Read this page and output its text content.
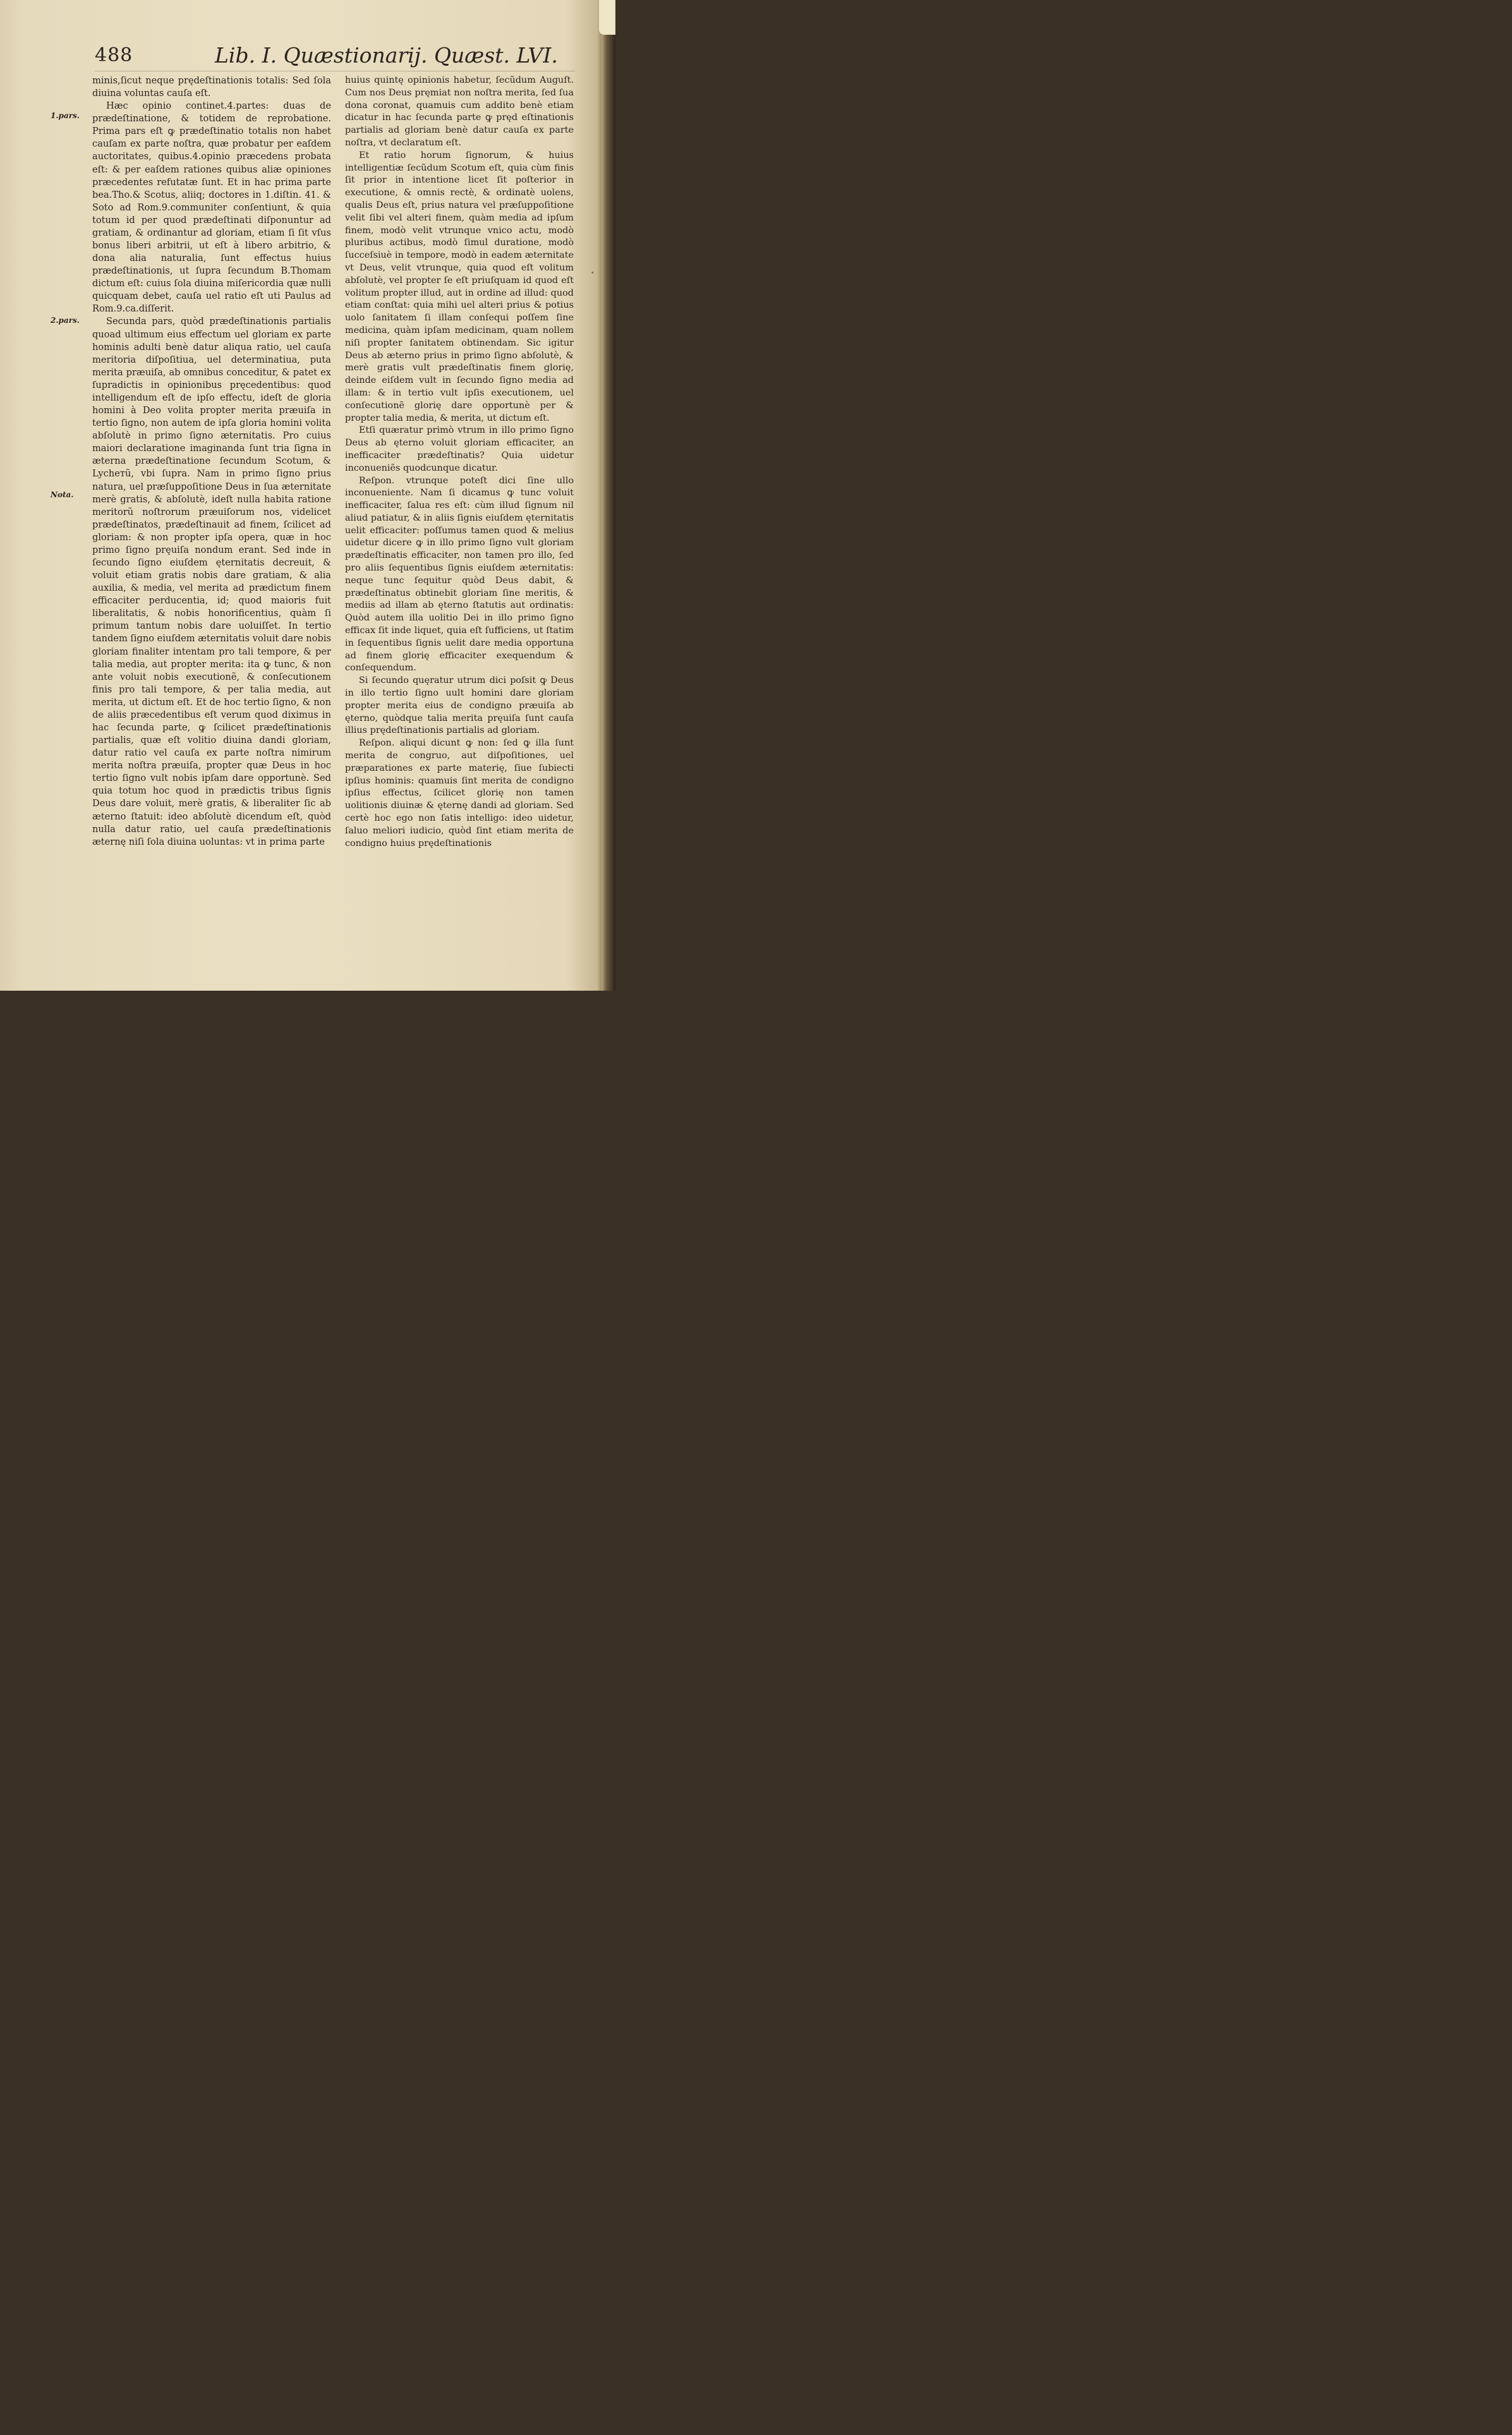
488	Lib. I. Quæstionarij. Quæst. LVI.
1.pars.
2.pars.
Nota.

minis,ſicut neque prędeſtinationis totalis: Sed ſola diuina voluntas cauſa eſt.

Hæc opinio continet.4.partes: duas de prædeſtinatione, & totidem de reprobatione. Prima pars eſt ꝙ prædeſtinatio totalis non habet cauſam ex parte noſtra, quæ probatur per eaſdem auctoritates, quibus.4.opinio præcedens probata eſt: & per eaſdem rationes quibus aliæ opiniones præcedentes refutatæ ſunt. Et in hac prima parte bea.Tho.& Scotus, aliiq; doctores in 1.diſtin. 41. & Soto ad Rom.9.communiter conſentiunt, & quia totum id per quod prædeſtinati diſponuntur ad gratiam, & ordinantur ad gloriam, etiam ſi ſit vſus bonus liberi arbitrii, ut eſt à libero arbitrio, & dona alia naturalia, ſunt effectus huius prædeſtinationis, ut ſupra ſecundum B.Thomam dictum eſt: cuius ſola diuina miſericordia quæ nulli quicquam debet, cauſa uel ratio eſt uti Paulus ad Rom.9.ca.diſſerit.

Secunda pars, quòd prædeſtinationis partialis quoad ultimum eius effectum uel gloriam ex parte hominis adulti benè datur aliqua ratio, uel cauſa meritoria diſpoſitiua, uel determinatiua, puta merita præuiſa, ab omnibus conceditur, & patet ex ſupradictis in opinionibus pręcedentibus: quod intelligendum eſt de ipſo effectu, ideſt de gloria homini à Deo volita propter merita præuiſa in tertio ſigno, non autem de ipſa gloria homini volita abſolutè in primo ſigno æternitatis. Pro cuius maiori declaratione imaginanda ſunt tria ſigna in æterna prædeſtinatione ſecundum Scotum, & Lycheтũ, vbi ſupra. Nam in primo ſigno prius natura, uel præſuppoſitione Deus in ſua æternitate merè gratis, & abſolutè, ideſt nulla habita ratione meritorũ noſtrorum præuiſorum nos, videlicet prædeſtinatos, prædeſtinauit ad finem, ſcilicet ad gloriam: & non propter ipſa opera, quæ in hoc primo ſigno pręuiſa nondum erant. Sed inde in ſecundo ſigno eiuſdem ęternitatis decreuit, & voluit etiam gratis nobis dare gratiam, & alia auxilia, & media, vel merita ad prædictum finem efficaciter perducentia, id; quod maioris fuit liberalitatis, & nobis honorificentius, quàm ſi primum tantum nobis dare uoluiſſet. In tertio tandem ſigno eiuſdem æternitatis voluit dare nobis gloriam finaliter intentam pro tali tempore, & per talia media, aut propter merita: ita ꝙ tunc, & non ante voluit nobis executionẽ, & conſecutionem finis pro tali tempore, & per talia media, aut merita, ut dictum eſt. Et de hoc tertio ſigno, & non de aliis præcedentibus eſt verum quod diximus in hac ſecunda parte, ꝙ ſcilicet prædeſtinationis partialis, quæ eſt volitio diuina dandi gloriam, datur ratio vel cauſa ex parte noſtra nimirum merita noſtra præuiſa, propter quæ Deus in hoc tertio ſigno vult nobis ipſam dare opportunè. Sed quia totum hoc quod in prædictis tribus ſignis Deus dare voluit, merè gratis, & liberaliter ſic ab æterno ſtatuit: ideo abſolutè dicendum eſt, quòd nulla datur ratio, uel cauſa prædeſtinationis æternę niſi ſola diuina uoluntas: vt in prima parte

huius quintę opinionis habetur, ſecũdum Auguſt. Cum nos Deus pręmiat non noſtra merita, ſed ſua dona coronat, quamuis cum addito benè etiam dicatur in hac ſecunda parte ꝙ pręd eſtinationis partialis ad gloriam benè datur cauſa ex parte noſtra, vt declaratum eſt.

Et ratio horum ſignorum, & huius intelligentiæ ſecũdum Scotum eſt, quia cùm finis ſit prior in intentione licet ſit poſterior in executione, & omnis rectè, & ordinatè uolens, qualis Deus eſt, prius natura vel præſuppoſitione velit ſibi vel alteri finem, quàm media ad ipſum finem, modò velit vtrunque vnico actu, modò pluribus actibus, modò ſimul duratione, modò ſucceſsiuè in tempore, modò in eadem æternitate vt Deus, velit vtrunque, quia quod eſt volitum abſolutè, vel propter ſe eſt priuſquam id quod eſt volitum propter illud, aut in ordine ad illud: quod etiam conſtat: quia mihi uel alteri prius & potius uolo ſanitatem ſi illam conſequi poſſem ſine medicina, quàm ipſam medicinam, quam nollem niſi propter ſanitatem obtinendam. Sic igitur Deus ab æterno prius in primo ſigno abſolutè, & merè gratis vult prædeſtinatis finem glorię, deinde eiſdem vult in ſecundo ſigno media ad illam: & in tertio vult ipſis executionem, uel conſecutionẽ glorię dare opportunè per & propter talia media, & merita, ut dictum eſt.

Etſi quæratur primò vtrum in illo primo ſigno Deus ab ęterno voluit gloriam efficaciter, an inefficaciter prædeſtinatis? Quia uidetur inconueniẽs quodcunque dicatur.

Reſpon. vtrunque poteſt dici ſine ullo inconueniente. Nam ſi dicamus ꝙ tunc voluit inefficaciter, ſalua res eſt: cùm illud ſignum nil aliud patiatur, & in aliis ſignis eiuſdem ęternitatis uelit efficaciter: poſſumus tamen quod & melius uidetur dicere ꝙ in illo primo ſigno vult gloriam prædeſtinatis efficaciter, non tamen pro illo, ſed pro aliis ſequentibus ſignis eiuſdem æternitatis: neque tunc ſequitur quòd Deus dabit, & prædeſtinatus obtinebit gloriam ſine meritis, & mediis ad illam ab ęterno ſtatutis aut ordinatis: Quòd autem illa uolitio Dei in illo primo ſigno efficax ſit inde liquet, quia eſt ſufficiens, ut ſtatim in ſequentibus ſignis uelit dare media opportuna ad finem glorię efficaciter exequendum & conſequendum.

Si ſecundo quęratur utrum dici poſsit ꝙ Deus in illo tertio ſigno uult homini dare gloriam propter merita eius de condigno præuiſa ab ęterno, quòdque talia merita pręuiſa ſunt cauſa illius prędeſtinationis partialis ad gloriam.

Reſpon. aliqui dicunt ꝙ non: ſed ꝙ illa ſunt merita de congruo, aut diſpoſitiones, uel præparationes ex parte materię, ſiue ſubiecti ipſius hominis: quamuis ſint merita de condigno ipſius effectus, ſcilicet glorię non tamen uolitionis diuinæ & ęternę dandi ad gloriam. Sed certè hoc ego non ſatis intelligo: ideo uidetur, ſaluo meliori iudicio, quòd ſint etiam merita de condigno huius prędeſtinationis

•
